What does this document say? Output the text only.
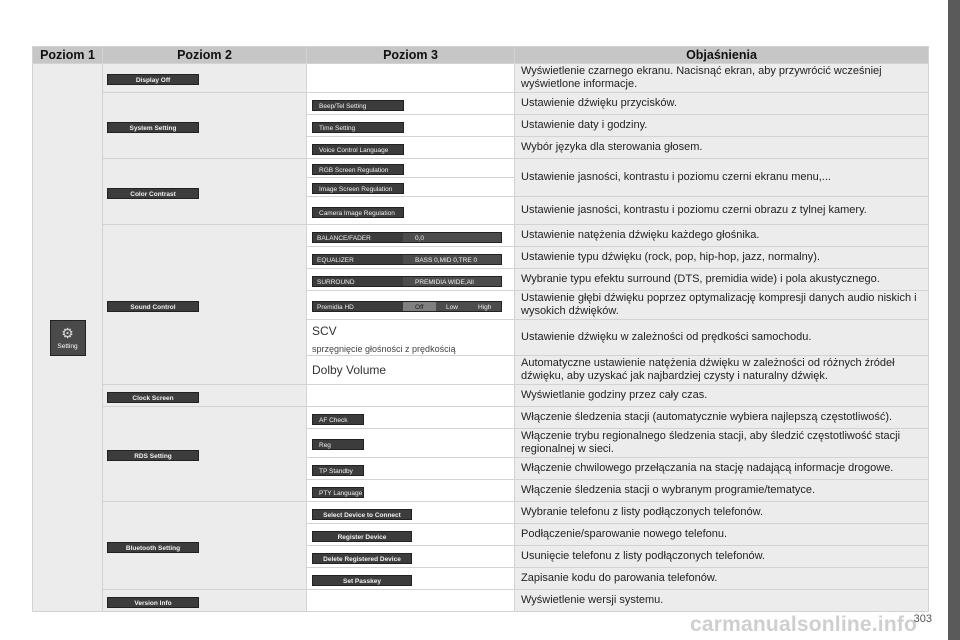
Poziom 1	Poziom 2	Poziom 3	Objaśnienia

⚙
Setting	Display Off		Wyświetlenie czarnego ekranu. Nacisnąć ekran, aby przywrócić wcześniej wyświetlone informacje.
	System Setting	Beep/Tel Setting	Ustawienie dźwięku przycisków.
		Time Setting	Ustawienie daty i godziny.
		Voice Control Language	Wybór języka dla sterowania głosem.
	Color Contrast	RGB Screen Regulation	Ustawienie jasności, kontrastu i poziomu czerni ekranu menu,...
		Image Screen Regulation	
		Camera Image Regulation	Ustawienie jasności, kontrastu i poziomu czerni obrazu z tylnej kamery.
	Sound Control	BALANCE/FADER 0,0	Ustawienie natężenia dźwięku każdego głośnika.

		EQUALIZER BASS 0,MID 0,TRE 0	Ustawienie typu dźwięku (rock, pop, hip-hop, jazz, normalny).

		SURROUND PREMIDIA WIDE,All	Wybranie typu efektu surround (DTS, premidia wide) i pola akustycznego.

		Premidia HD Off Low High	Ustawienie głębi dźwięku poprzez optymalizację kompresji danych audio niskich i wysokich dźwięków.
		SCV
sprzęgnięcie głośności z prędkością	Ustawienie dźwięku w zależności od prędkości samochodu.
		Dolby Volume	Automatyczne ustawienie natężenia dźwięku w zależności od różnych źródeł dźwięku, aby uzyskać jak najbardziej czysty i naturalny dźwięk.
	Clock Screen		Wyświetlanie godziny przez cały czas.
	RDS Setting	AF Check	Włączenie śledzenia stacji (automatycznie wybiera najlepszą częstotliwość).
		Reg	Włączenie trybu regionalnego śledzenia stacji, aby śledzić częstotliwość stacji regionalnej w sieci.
		TP Standby	Włączenie chwilowego przełączania na stację nadającą informacje drogowe.
		PTY Language	Włączenie śledzenia stacji o wybranym programie/tematyce.
	Bluetooth Setting	Select Device to Connect	Wybranie telefonu z listy podłączonych telefonów.
		Register Device	Podłączenie/sparowanie nowego telefonu.
		Delete Registered Device	Usunięcie telefonu z listy podłączonych telefonów.
		Set Passkey	Zapisanie kodu do parowania telefonów.
	Version Info		Wyświetlenie wersji systemu.
carmanualsonline.info
303
